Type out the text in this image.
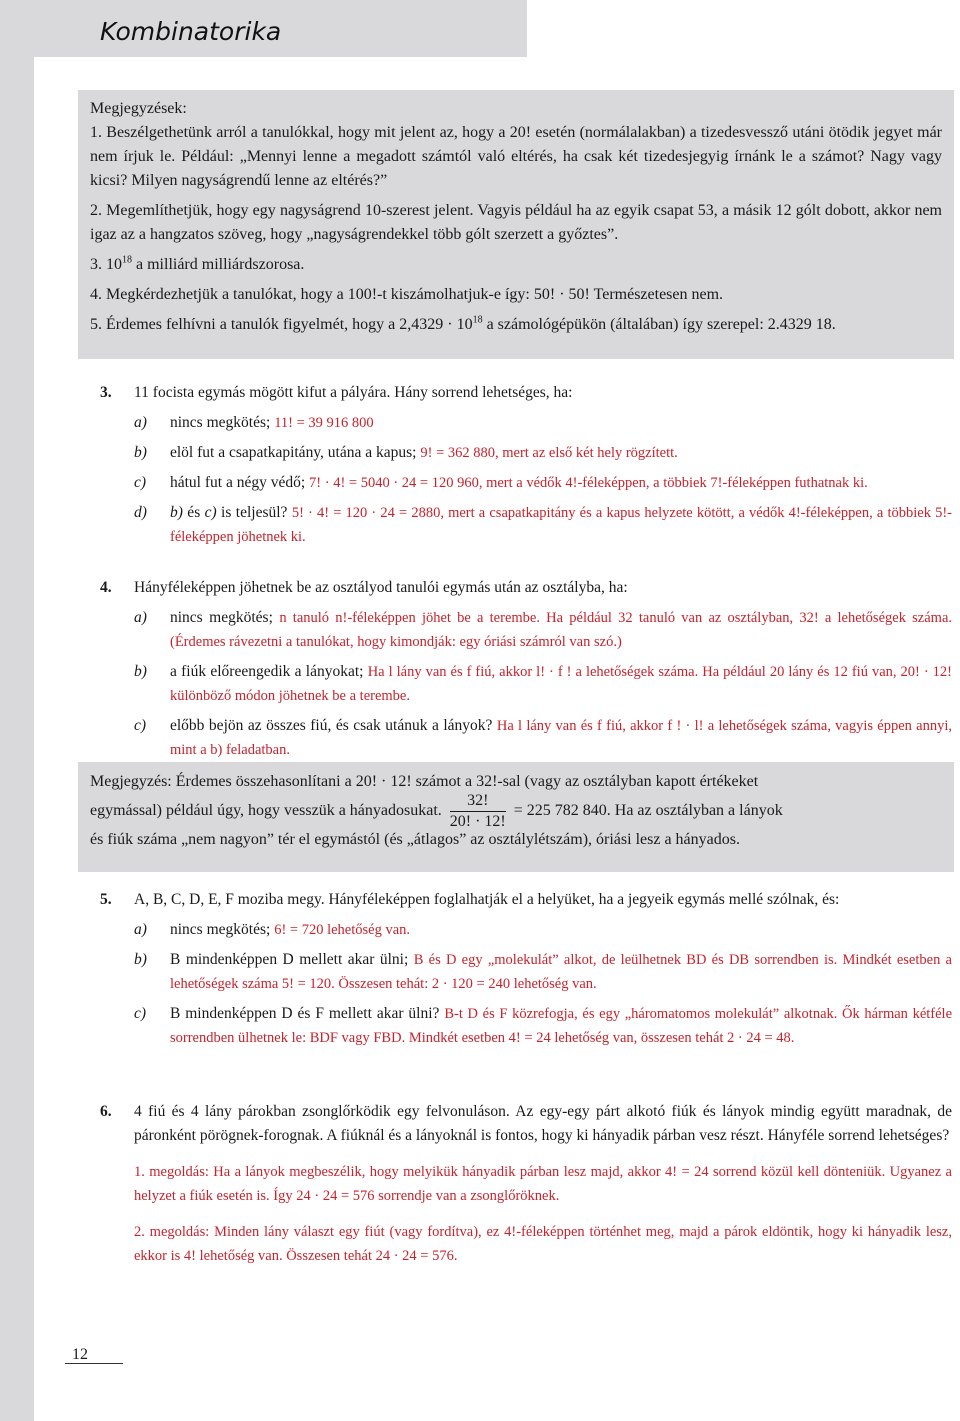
Kombinatorika

Megjegyzések:

1. Beszélgethetünk arról a tanulókkal, hogy mit jelent az, hogy a 20! esetén (normálalakban) a tizedesvessző utáni ötödik jegyet már nem írjuk le. Például: „Mennyi lenne a megadott számtól való eltérés, ha csak két tizedesjegyig írnánk le a számot? Nagy vagy kicsi? Milyen nagyságrendű lenne az eltérés?”

2. Megemlíthetjük, hogy egy nagyságrend 10-szerest jelent. Vagyis például ha az egyik csapat 53, a másik 12 gólt dobott, akkor nem igaz az a hangzatos szöveg, hogy „nagyságrendekkel több gólt szerzett a győztes”.

3. $10^{18}$ a milliárd milliárdszorosa.

4. Megkérdezhetjük a tanulókat, hogy a 100!-t kiszámolhatjuk-e így: 50! · 50! Természetesen nem.

5. Érdemes felhívni a tanulók figyelmét, hogy a $2,4329 \cdot 10^{18}$ a számológépükön (általában) így szerepel: 2.4329 18.

3. 11 focista egymás mögött kifut a pályára. Hány sorrend lehetséges, ha:

a) nincs megkötés; 11! = 39 916 800

b) elöl fut a csapatkapitány, utána a kapus; 9! = 362 880, mert az első két hely rögzített.

c) hátul fut a négy védő; 7! · 4! = 5040 · 24 = 120 960, mert a védők 4!-féleképpen, a többiek 7!-féleképpen futhatnak ki.

d) b) és c) is teljesül? 5! · 4! = 120 · 24 = 2880, mert a csapatkapitány és a kapus helyzete kötött, a védők 4!-féleképpen, a többiek 5!-féleképpen jöhetnek ki.

4. Hányféleképpen jöhetnek be az osztályod tanulói egymás után az osztályba, ha:

a) nincs megkötés; n tanuló n!-féleképpen jöhet be a terembe. Ha például 32 tanuló van az osztályban, 32! a lehetőségek száma. (Érdemes rávezetni a tanulókat, hogy kimondják: egy óriási számról van szó.)

b) a fiúk előreengedik a lányokat; Ha l lány van és f fiú, akkor l! · f ! a lehetőségek száma. Ha például 20 lány és 12 fiú van, 20! · 12! különböző módon jöhetnek be a terembe.

c) előbb bejön az összes fiú, és csak utánuk a lányok? Ha l lány van és f fiú, akkor f ! · l! a lehetőségek száma, vagyis éppen annyi, mint a b) feladatban.

Megjegyzés: Érdemes összehasonlítani a 20! · 12! számot a 32!-sal (vagy az osztályban kapott értékeket

egymással) például úgy, hogy vesszük a hányadosukat. $\frac{32!}{20! \cdot 12!} = 225$ 782 840. Ha az osztályban a lányok

és fiúk száma „nem nagyon” tér el egymástól (és „átlagos” az osztálylétszám), óriási lesz a hányados.

5. A, B, C, D, E, F moziba megy. Hányféleképpen foglalhatják el a helyüket, ha a jegyeik egymás mellé szólnak, és:

a) nincs megkötés; 6! = 720 lehetőség van.

b) B mindenképpen D mellett akar ülni; B és D egy „molekulát” alkot, de leülhetnek BD és DB sorrendben is. Mindkét esetben a lehetőségek száma 5! = 120. Összesen tehát: 2 · 120 = 240 lehetőség van.

c) B mindenképpen D és F mellett akar ülni? B-t D és F közrefogja, és egy „háromatomos molekulát” alkotnak. Ők hárman kétféle sorrendben ülhetnek le: BDF vagy FBD. Mindkét esetben 4! = 24 lehetőség van, összesen tehát 2 · 24 = 48.

6. 4 fiú és 4 lány párokban zsonglőrködik egy felvonuláson. Az egy-egy párt alkotó fiúk és lányok mindig együtt maradnak, de páronként pörögnek-forognak. A fiúknál és a lányoknál is fontos, hogy ki hányadik párban vesz részt. Hányféle sorrend lehetséges?

1. megoldás: Ha a lányok megbeszélik, hogy melyikük hányadik párban lesz majd, akkor 4! = 24 sorrend közül kell dönteniük. Ugyanez a helyzet a fiúk esetén is. Így 24 · 24 = 576 sorrendje van a zsonglőröknek.

2. megoldás: Minden lány választ egy fiút (vagy fordítva), ez 4!-féleképpen történhet meg, majd a párok eldöntik, hogy ki hányadik lesz, ekkor is 4! lehetőség van. Összesen tehát 24 · 24 = 576.

12
